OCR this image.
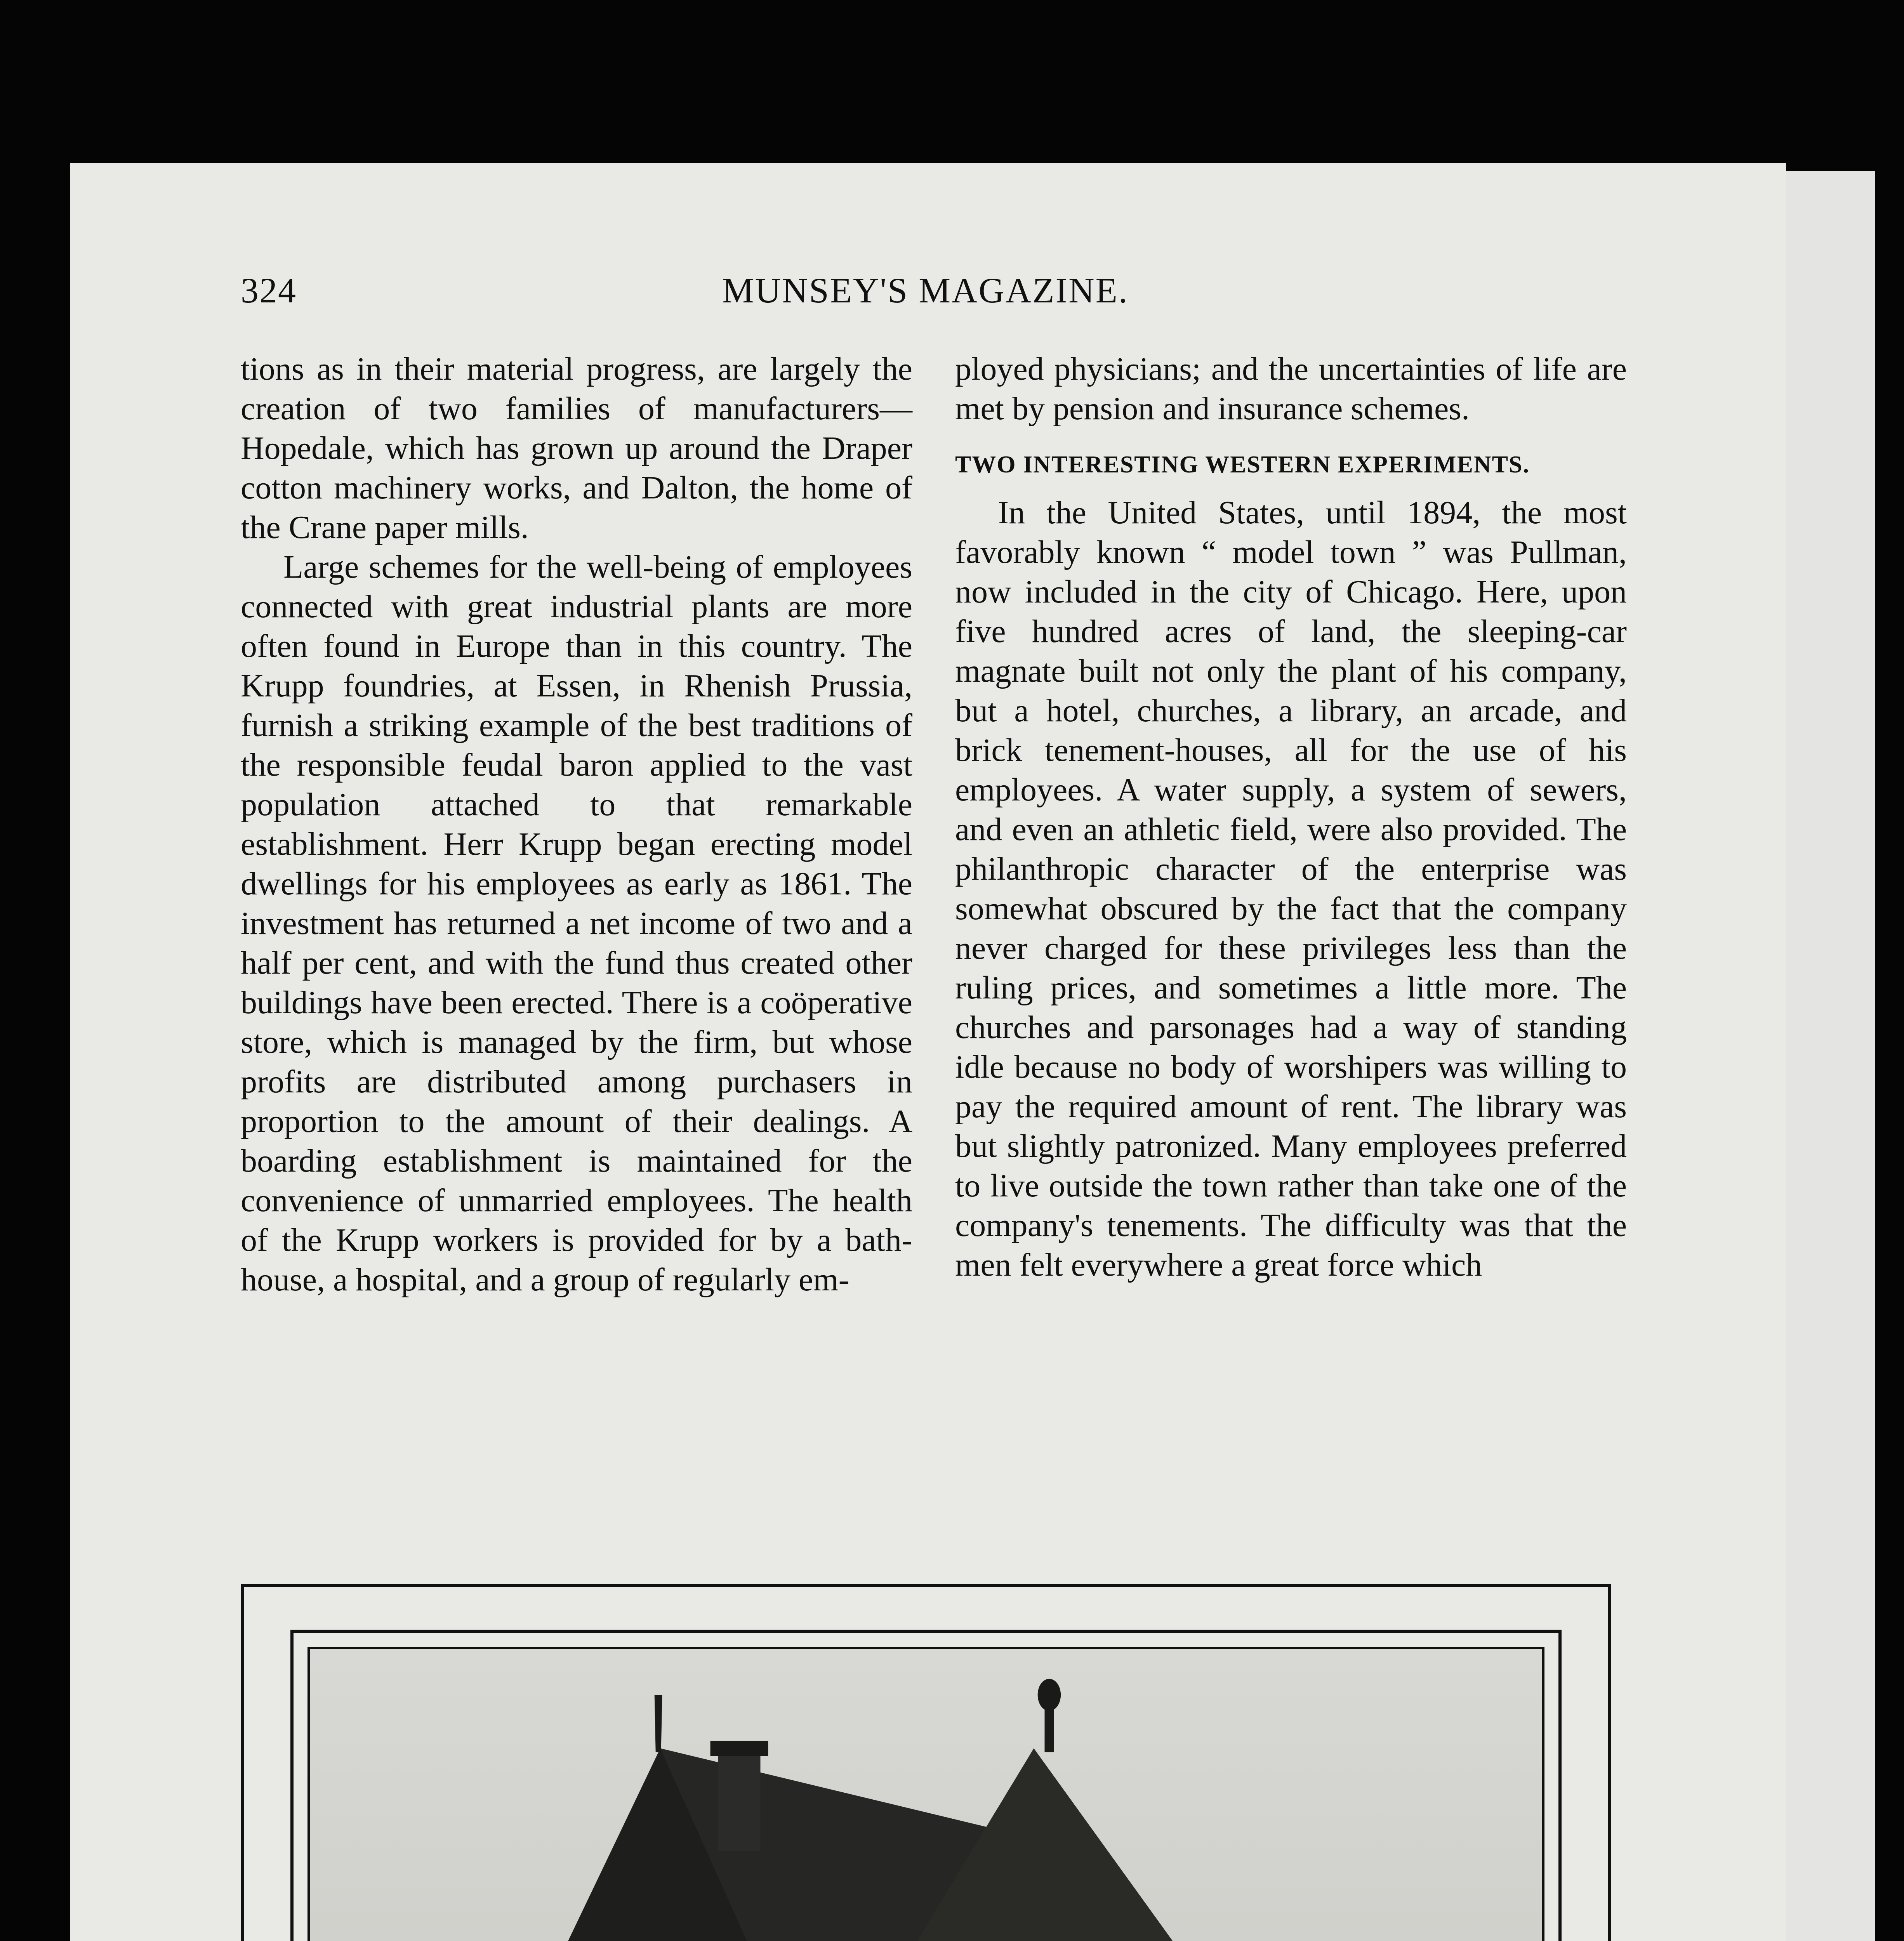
324	MUNSEY'S MAGAZINE.

tions as in their material progress, are largely the creation of two families of manufacturers—Hopedale, which has grown up around the Draper cotton machinery works, and Dalton, the home of the Crane paper mills.

Large schemes for the well-being of employees connected with great industrial plants are more often found in Europe than in this country. The Krupp foundries, at Essen, in Rhenish Prussia, furnish a striking example of the best traditions of the responsible feudal baron applied to the vast population attached to that remarkable establishment. Herr Krupp began erecting model dwellings for his employees as early as 1861. The investment has returned a net income of two and a half per cent, and with the fund thus created other buildings have been erected. There is a coöperative store, which is managed by the firm, but whose profits are distributed among purchasers in proportion to the amount of their dealings. A boarding establishment is maintained for the convenience of unmarried employees. The health of the Krupp workers is provided for by a bath-house, a hospital, and a group of regularly em-

ployed physicians; and the uncertainties of life are met by pension and insurance schemes.

TWO INTERESTING WESTERN EXPERIMENTS.

In the United States, until 1894, the most favorably known “ model town ” was Pullman, now included in the city of Chicago. Here, upon five hundred acres of land, the sleeping-car magnate built not only the plant of his company, but a hotel, churches, a library, an arcade, and brick tenement-houses, all for the use of his employees. A water supply, a system of sewers, and even an athletic field, were also provided. The philanthropic character of the enterprise was somewhat obscured by the fact that the company never charged for these privileges less than the ruling prices, and sometimes a little more. The churches and parsonages had a way of standing idle because no body of worshipers was willing to pay the required amount of rent. The library was but slightly patronized. Many employees preferred to live outside the town rather than take one of the company's tenements. The difficulty was that the men felt everywhere a great force which
